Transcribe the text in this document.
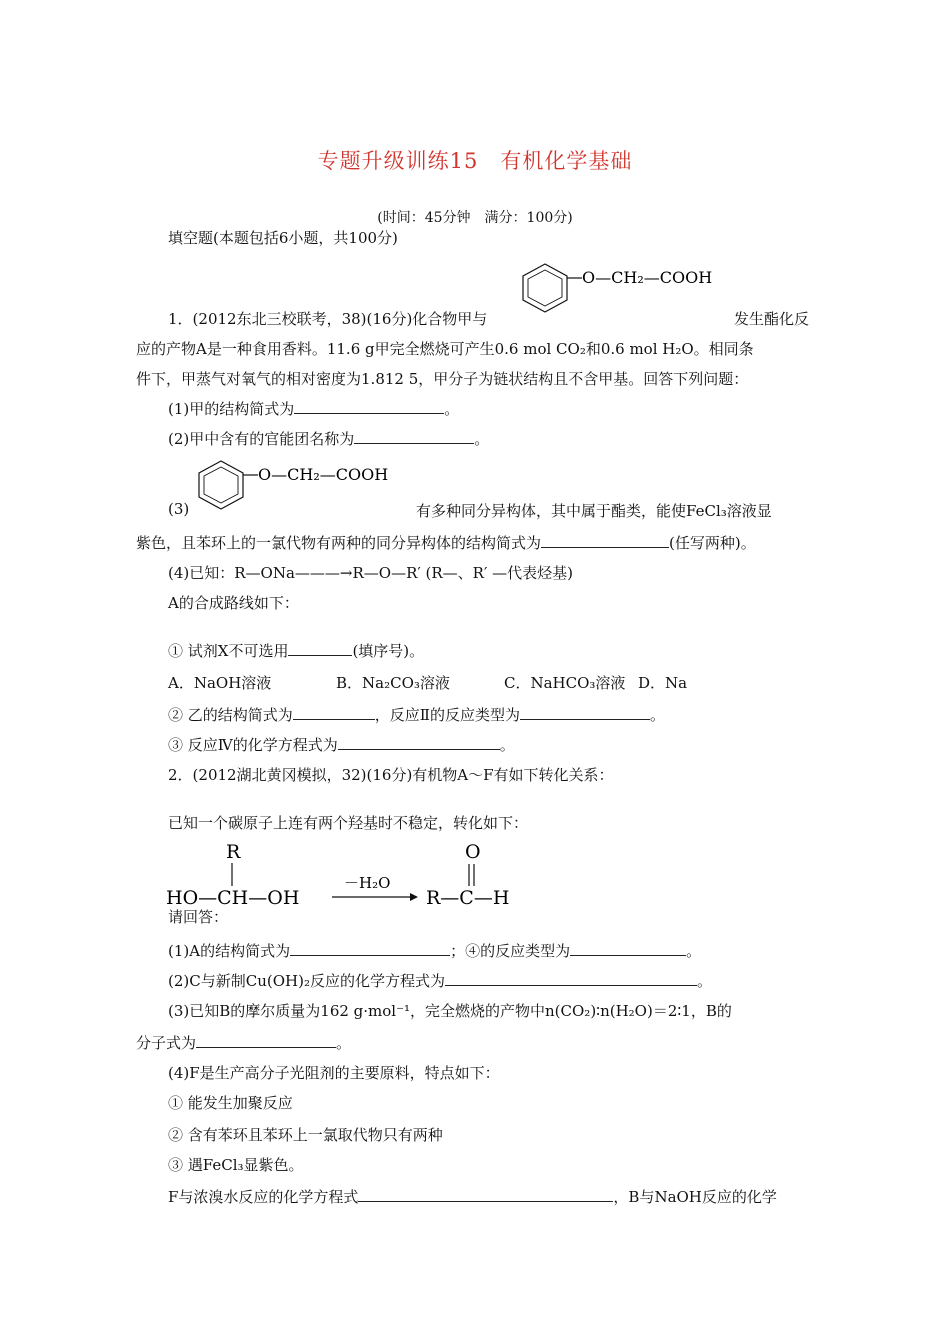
专题升级训练15　有机化学基础
(时间：45分钟　满分：100分)
填空题(本题包括6小题，共100分)
O—CH₂—COOH
1．(2012东北三校联考，38)(16分)化合物甲与	发生酯化反
应的产物A是一种食用香料。11.6 g甲完全燃烧可产生0.6 mol CO₂和0.6 mol H₂O。相同条
件下，甲蒸气对氧气的相对密度为1.812 5，甲分子为链状结构且不含甲基。回答下列问题：
(1)甲的结构简式为	。
(2)甲中含有的官能团名称为	。
O—CH₂—COOH
(3)	有多种同分异构体，其中属于酯类，能使FeCl₃溶液显
紫色，且苯环上的一氯代物有两种的同分异构体的结构简式为	(任写两种)。
(4)已知：R—ONa———→R—O—R′ (R—、R′ —代表烃基)
A的合成路线如下：
① 试剂X不可选用	(填序号)。
A．NaOH溶液	B．Na₂CO₃溶液	C．NaHCO₃溶液 D．Na
② 乙的结构简式为	，反应Ⅱ的反应类型为	。
③ 反应Ⅳ的化学方程式为	。
2．(2012湖北黄冈模拟，32)(16分)有机物A～F有如下转化关系：
已知一个碳原子上连有两个羟基时不稳定，转化如下：
R
HO—CH—OH
－H₂O
O
R—C—H
请回答：
(1)A的结构简式为	；④的反应类型为	。
(2)C与新制Cu(OH)₂反应的化学方程式为	。
(3)已知B的摩尔质量为162 g·mol⁻¹，完全燃烧的产物中n(CO₂)∶n(H₂O)＝2∶1，B的
分子式为	。
(4)F是生产高分子光阻剂的主要原料，特点如下：
① 能发生加聚反应
② 含有苯环且苯环上一氯取代物只有两种
③ 遇FeCl₃显紫色。
F与浓溴水反应的化学方程式	，B与NaOH反应的化学
